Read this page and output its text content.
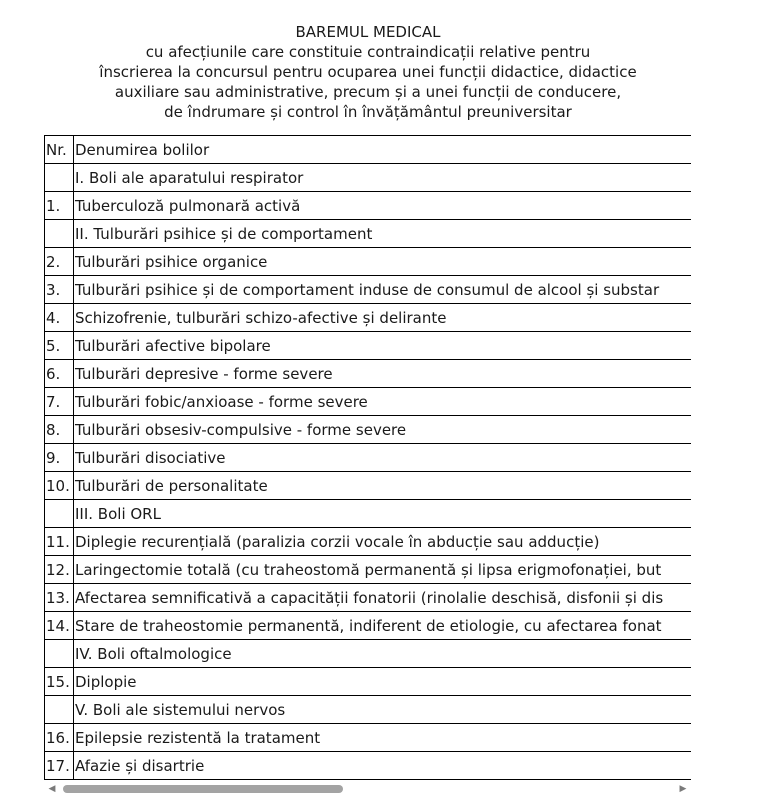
BAREMUL MEDICAL
cu afecțiunile care constituie contraindicații relative pentru
înscrierea la concursul pentru ocuparea unei funcții didactice, didactice
auxiliare sau administrative, precum și a unei funcții de conducere,
de îndrumare și control în învățământul preuniversitar
Nr.	Denumirea bolilor
	I. Boli ale aparatului respirator
1.	Tuberculoză pulmonară activă
	II. Tulburări psihice și de comportament
2.	Tulburări psihice organice
3.	Tulburări psihice și de comportament induse de consumul de alcool și substar
4.	Schizofrenie, tulburări schizo-afective și delirante
5.	Tulburări afective bipolare
6.	Tulburări depresive - forme severe
7.	Tulburări fobic/anxioase - forme severe
8.	Tulburări obsesiv-compulsive - forme severe
9.	Tulburări disociative
10.	Tulburări de personalitate
	III. Boli ORL
11.	Diplegie recurențială (paralizia corzii vocale în abducție sau adducție)
12.	Laringectomie totală (cu traheostomă permanentă și lipsa erigmofonației, but
13.	Afectarea semnificativă a capacității fonatorii (rinolalie deschisă, disfonii și dis
14.	Stare de traheostomie permanentă, indiferent de etiologie, cu afectarea fonat
	IV. Boli oftalmologice
15.	Diplopie
	V. Boli ale sistemului nervos
16.	Epilepsie rezistentă la tratament
17.	Afazie și disartrie
◀	▶
